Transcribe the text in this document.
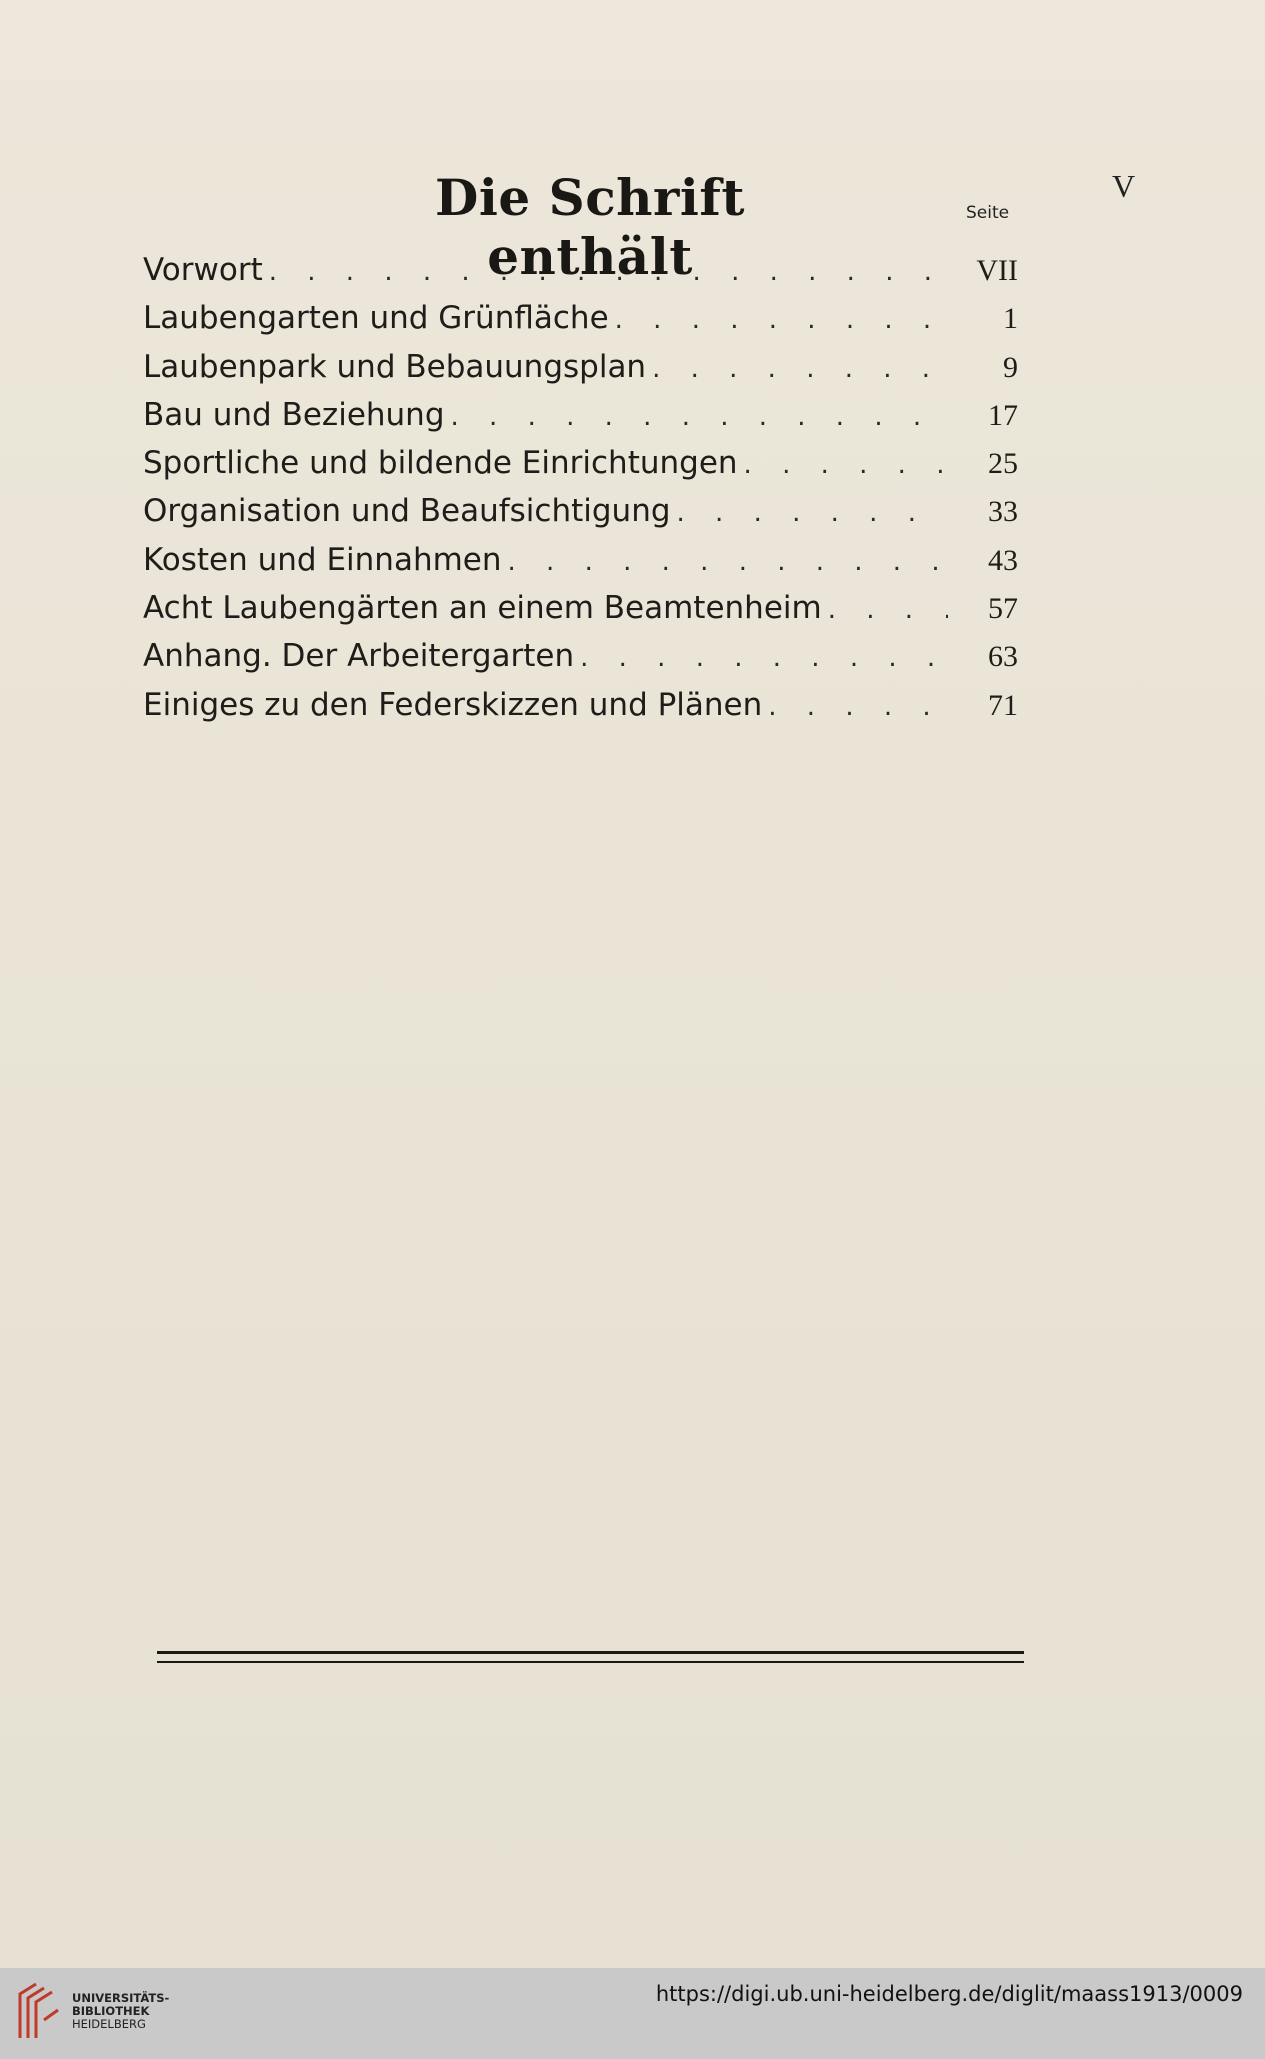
V
Die Schrift enthält
Seite
Vorwort . . .	VII
Laubengarten und Grünfläche . . .	1
Laubenpark und Bebauungsplan . . .	9
Bau und Beziehung . . .	17
Sportliche und bildende Einrichtungen . . .	25
Organisation und Beaufsichtigung . . .	33
Kosten und Einnahmen . . .	43
Acht Laubengärten an einem Beamtenheim . . .	57
Anhang. Der Arbeitergarten . . .	63
Einiges zu den Federskizzen und Plänen . . .	71
UNIVERSITÄTS-
BIBLIOTHEK
HEIDELBERG
https://digi.ub.uni-heidelberg.de/diglit/maass1913/0009
